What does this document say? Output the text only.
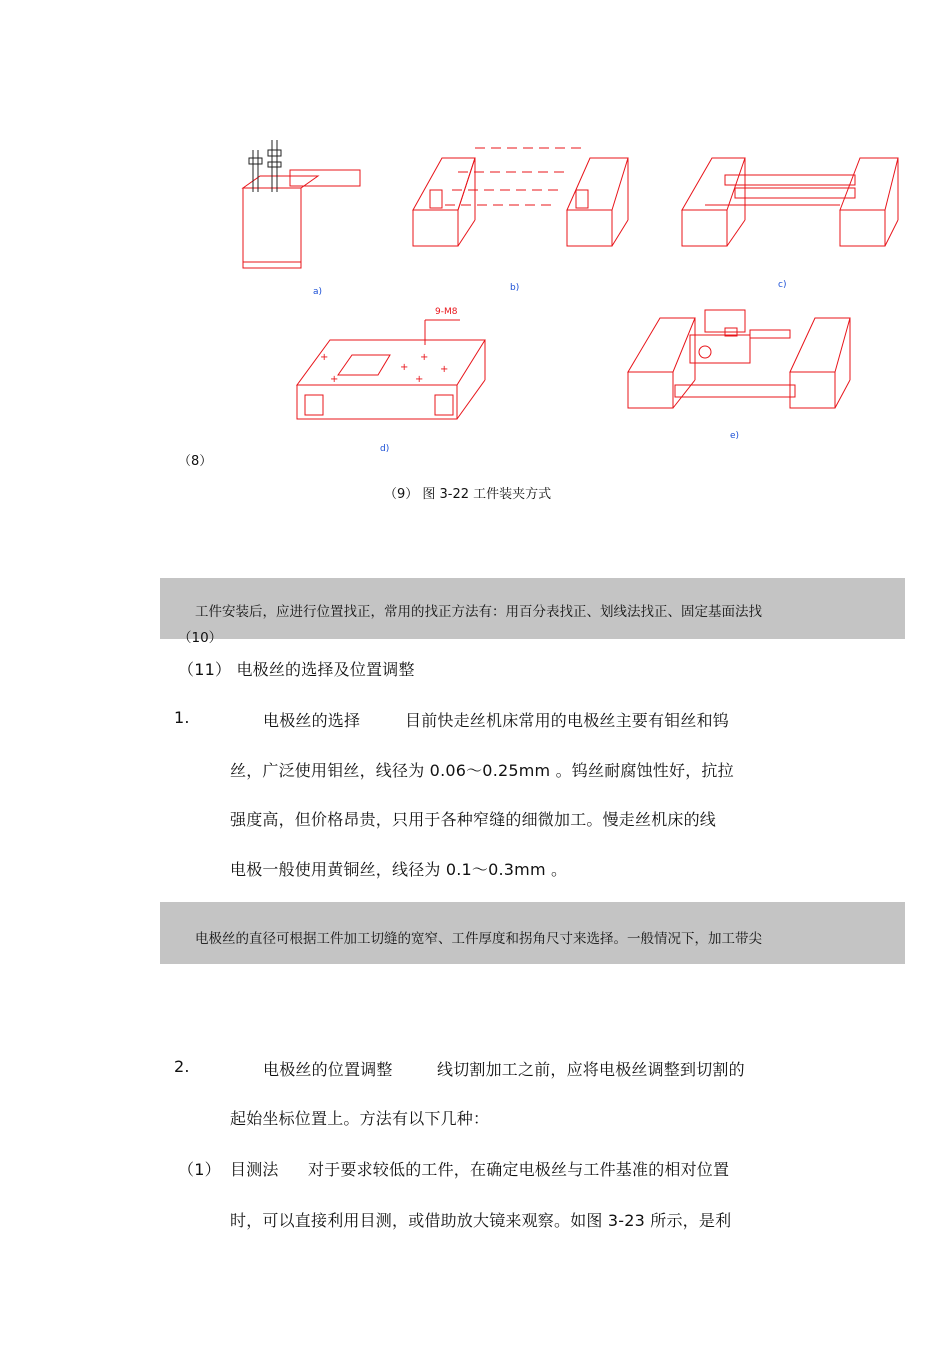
+
+
+
+
+
+
a)	b)	c)
d)
e)
9-M8
（8）
（9） 图 3-22 工件装夹方式
工件安装后，应进行位置找正，常用的找正方法有：用百分表找正、划线法找正、固定基面法找
（10）
（11） 电极丝的选择及位置调整
1.	电极丝的选择	目前快走丝机床常用的电极丝主要有钼丝和钨
丝，广泛使用钼丝，线径为 0.06～0.25mm 。钨丝耐腐蚀性好，抗拉
强度高，但价格昂贵，只用于各种窄缝的细微加工。慢走丝机床的线
电极一般使用黄铜丝，线径为 0.1～0.3mm 。
电极丝的直径可根据工件加工切缝的宽窄、工件厚度和拐角尺寸来选择。一般情况下，加工带尖
2.	电极丝的位置调整	线切割加工之前，应将电极丝调整到切割的
起始坐标位置上。方法有以下几种：
（1） 目测法 对于要求较低的工件，在确定电极丝与工件基准的相对位置
时，可以直接利用目测，或借助放大镜来观察。如图 3-23 所示，是利
